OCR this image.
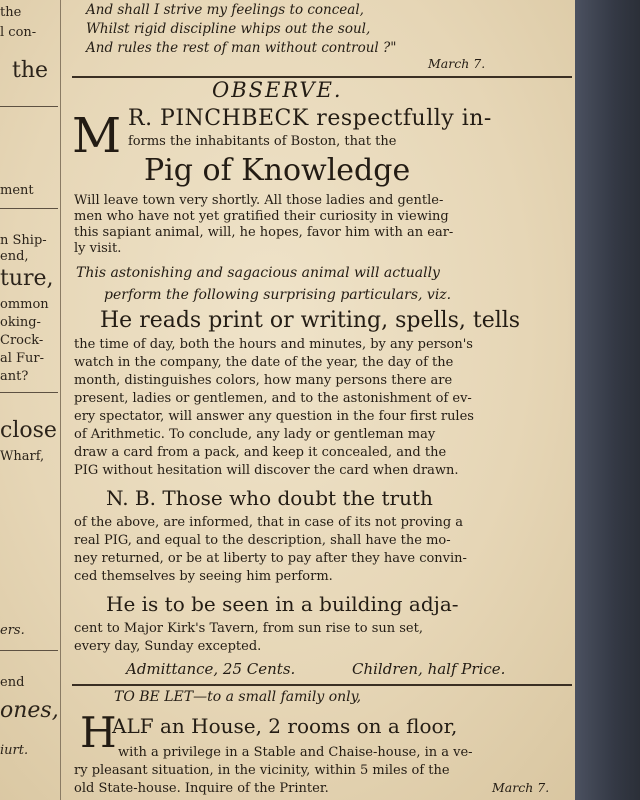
the
l con-
the
ment
n Ship-
end,
ture,
ommon
oking-
Crock-
al Fur-
ant?
close
Wharf,
ers.
end
ones,
iurt.
And shall I strive my feelings to conceal,
Whilst rigid discipline whips out the soul,
And rules the rest of man without controul ?"
March 7.
OBSERVE.
M R. PINCHBECK respectfully in-
forms the inhabitants of Boston, that the
Pig of Knowledge
Will leave town very shortly. All those ladies and gentle-
men who have not yet gratified their curiosity in viewing
this sapiant animal, will, he hopes, favor him with an ear-
ly visit.
This astonishing and sagacious animal will actually
perform the following surprising particulars, viz.
He reads print or writing, spells, tells
the time of day, both the hours and minutes, by any person's
watch in the company, the date of the year, the day of the
month, distinguishes colors, how many persons there are
present, ladies or gentlemen, and to the astonishment of ev-
ery spectator, will answer any question in the four first rules
of Arithmetic. To conclude, any lady or gentleman may
draw a card from a pack, and keep it concealed, and the
PIG without hesitation will discover the card when drawn.
N. B. Those who doubt the truth
of the above, are informed, that in case of its not proving a
real PIG, and equal to the description, shall have the mo-
ney returned, or be at liberty to pay after they have convin-
ced themselves by seeing him perform.
He is to be seen in a building adja-
cent to Major Kirk's Tavern, from sun rise to sun set,
every day, Sunday excepted.
Admittance, 25 Cents.	Children, half Price.
TO BE LET—to a small family only,
H
ALF an House, 2 rooms on a floor,
with a privilege in a Stable and Chaise-house, in a ve-
ry pleasant situation, in the vicinity, within 5 miles of the
old State-house. Inquire of the Printer.	March 7.
